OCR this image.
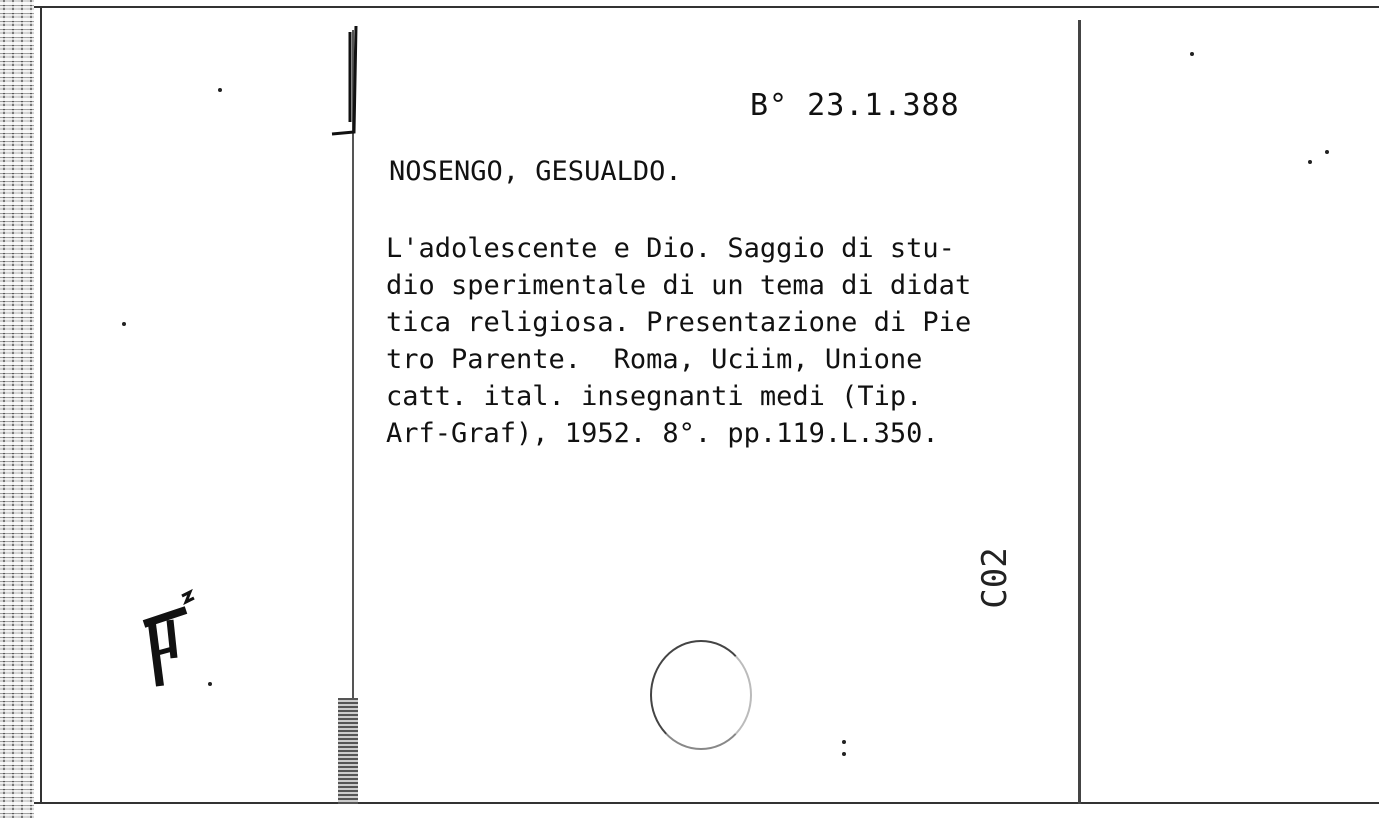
B° 23.1.388
NOSENGO, GESUALDO.
L'adolescente e Dio. Saggio di stu-
dio sperimentale di un tema di didat
tica religiosa. Presentazione di Pie
tro Parente.  Roma, Uciim, Unione
catt. ital. insegnanti medi (Tip.
Arf-Graf), 1952. 8°. pp.119.L.350.
C02
